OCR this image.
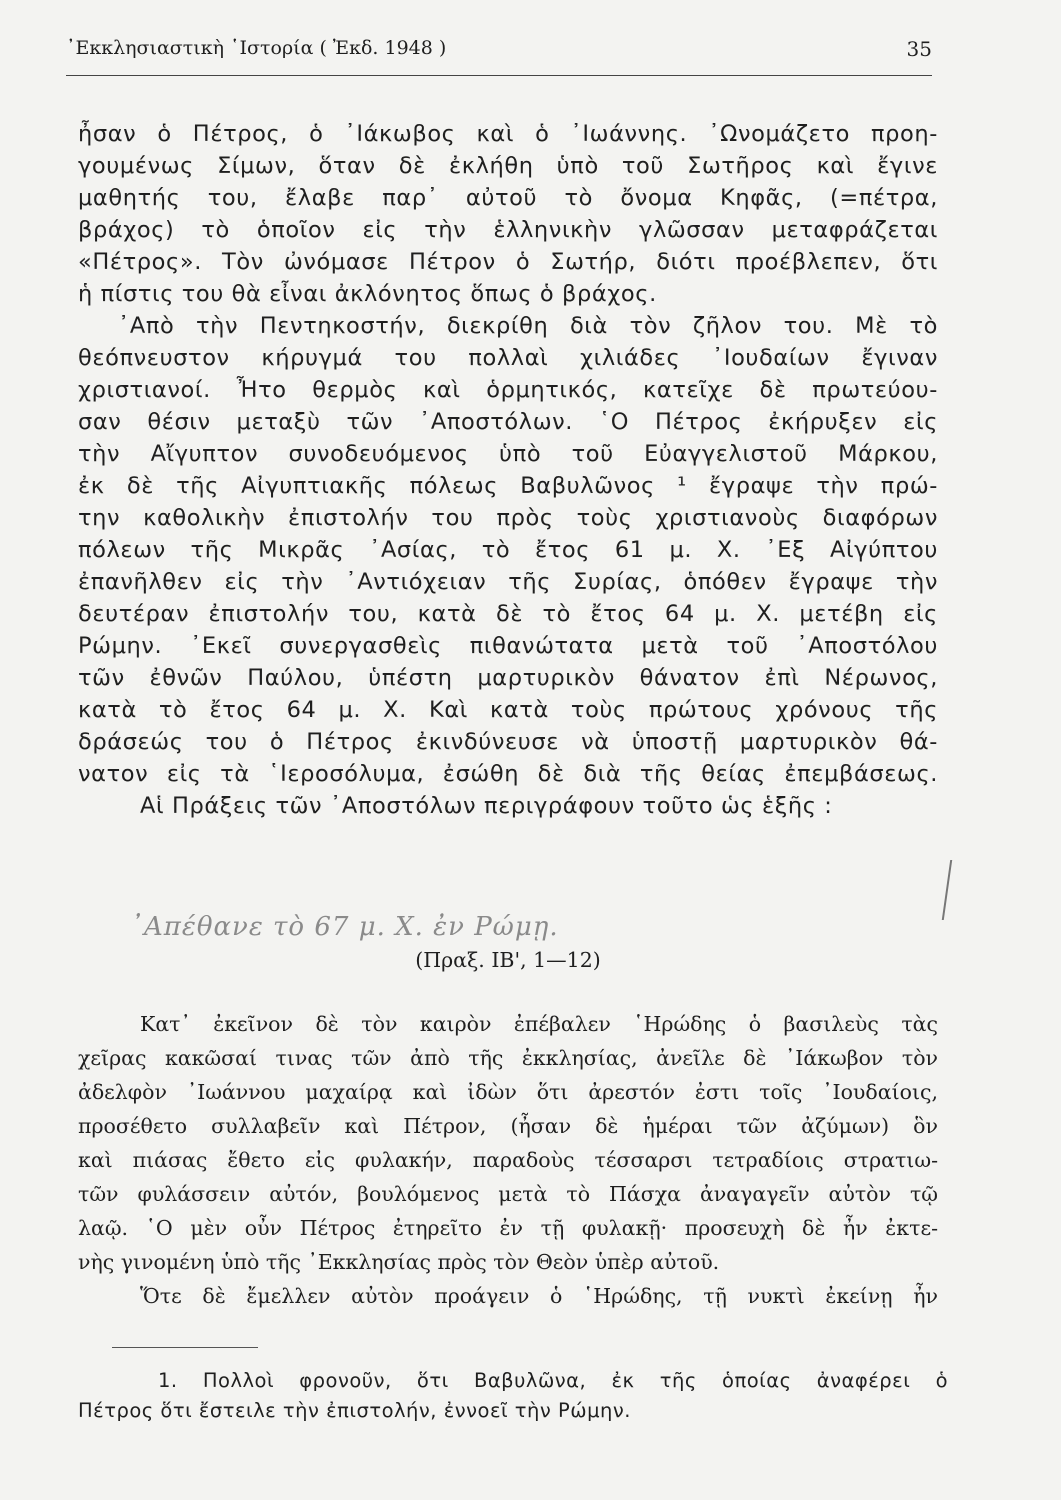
᾿Εκκλησιαστικὴ ῾Ιστορία ( Ἐκδ. 1948 )	35
ἦσαν ὁ Πέτρος, ὁ ᾿Ιάκωβος καὶ ὁ ᾿Ιωάννης. ᾿Ωνομάζετο προη-
γουμένως Σίμων, ὅταν δὲ ἐκλήθη ὑπὸ τοῦ Σωτῆρος καὶ ἔγινε
μαθητής του, ἔλαβε παρ᾿ αὐτοῦ τὸ ὄνομα Κηφᾶς, (=πέτρα,
βράχος) τὸ ὁποῖον εἰς τὴν ἑλληνικὴν γλῶσσαν μεταφράζεται
«Πέτρος». Τὸν ὠνόμασε Πέτρον ὁ Σωτήρ, διότι προέβλεπεν, ὅτι
ἡ πίστις του θὰ εἶναι ἀκλόνητος ὅπως ὁ βράχος.
᾿Απὸ τὴν Πεντηκοστήν, διεκρίθη διὰ τὸν ζῆλον του. Μὲ τὸ
θεόπνευστον κήρυγμά του πολλαὶ χιλιάδες ᾿Ιουδαίων ἔγιναν
χριστιανοί. Ἦτο θερμὸς καὶ ὁρμητικός, κατεῖχε δὲ πρωτεύου-
σαν θέσιν μεταξὺ τῶν ᾿Αποστόλων. ῾Ο Πέτρος ἐκήρυξεν εἰς
τὴν Αἴγυπτον συνοδευόμενος ὑπὸ τοῦ Εὐαγγελιστοῦ Μάρκου,
ἐκ δὲ τῆς Αἰγυπτιακῆς πόλεως Βαβυλῶνος ¹ ἔγραψε τὴν πρώ-
την καθολικὴν ἐπιστολήν του πρὸς τοὺς χριστιανοὺς διαφόρων
πόλεων τῆς Μικρᾶς ᾿Ασίας, τὸ ἔτος 61 μ. Χ. ᾿Εξ Αἰγύπτου
ἐπανῆλθεν εἰς τὴν ᾿Αντιόχειαν τῆς Συρίας, ὁπόθεν ἔγραψε τὴν
δευτέραν ἐπιστολήν του, κατὰ δὲ τὸ ἔτος 64 μ. Χ. μετέβη εἰς
Ρώμην. ᾿Εκεῖ συνεργασθεὶς πιθανώτατα μετὰ τοῦ ᾿Αποστόλου
τῶν ἐθνῶν Παύλου, ὑπέστη μαρτυρικὸν θάνατον ἐπὶ Νέρωνος,
κατὰ τὸ ἔτος 64 μ. Χ. Καὶ κατὰ τοὺς πρώτους χρόνους τῆς
δράσεώς του ὁ Πέτρος ἐκινδύνευσε νὰ ὑποστῇ μαρτυρικὸν θά-
νατον εἰς τὰ ῾Ιεροσόλυμα, ἐσώθη δὲ διὰ τῆς θείας ἐπεμβάσεως.
Αἱ Πράξεις τῶν ᾿Αποστόλων περιγράφουν τοῦτο ὡς ἑξῆς :
᾿Απέθανε τὸ 67 μ. Χ. ἐν Ρώμῃ.
(Πραξ. ΙΒ', 1—12)
Κατ᾿ ἐκεῖνον δὲ τὸν καιρὸν ἐπέβαλεν ῾Ηρώδης ὁ βασιλεὺς τὰς
χεῖρας κακῶσαί τινας τῶν ἀπὸ τῆς ἐκκλησίας, ἀνεῖλε δὲ ᾿Ιάκωβον τὸν
ἀδελφὸν ᾿Ιωάννου μαχαίρᾳ καὶ ἰδὼν ὅτι ἀρεστόν ἐστι τοῖς ᾿Ιουδαίοις,
προσέθετο συλλαβεῖν καὶ Πέτρον, (ἦσαν δὲ ἡμέραι τῶν ἀζύμων) ὃν
καὶ πιάσας ἔθετο εἰς φυλακήν, παραδοὺς τέσσαρσι τετραδίοις στρατιω-
τῶν φυλάσσειν αὐτόν, βουλόμενος μετὰ τὸ Πάσχα ἀναγαγεῖν αὐτὸν τῷ
λαῷ. ῾Ο μὲν οὖν Πέτρος ἐτηρεῖτο ἐν τῇ φυλακῇ· προσευχὴ δὲ ἦν ἐκτε-
νὴς γινομένη ὑπὸ τῆς ᾿Εκκλησίας πρὸς τὸν Θεὸν ὑπὲρ αὐτοῦ.
Ὅτε δὲ ἔμελλεν αὐτὸν προάγειν ὁ ῾Ηρώδης, τῇ νυκτὶ ἐκείνῃ ἦν
1. Πολλοὶ φρονοῦν, ὅτι Βαβυλῶνα, ἐκ τῆς ὁποίας ἀναφέρει ὁ
Πέτρος ὅτι ἔστειλε τὴν ἐπιστολήν, ἐννοεῖ τὴν Ρώμην.
